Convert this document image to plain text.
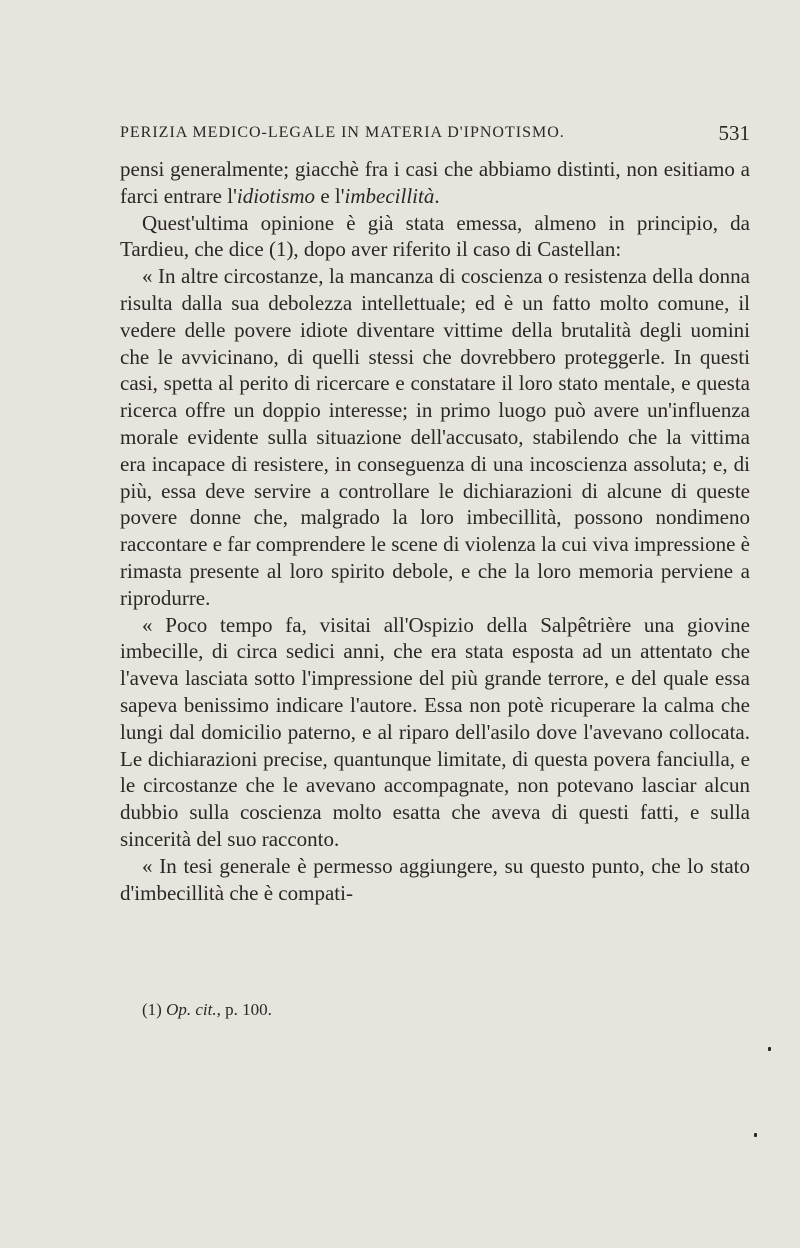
PERIZIA MEDICO-LEGALE IN MATERIA D'IPNOTISMO.	531

pensi generalmente; giacchè fra i casi che abbiamo distinti, non esitiamo a farci entrare l'idiotismo e l'imbecillità.

Quest'ultima opinione è già stata emessa, almeno in principio, da Tardieu, che dice (1), dopo aver riferito il caso di Castellan:

« In altre circostanze, la mancanza di coscienza o resistenza della donna risulta dalla sua debolezza intellettuale; ed è un fatto molto comune, il vedere delle povere idiote diventare vittime della brutalità degli uomini che le avvicinano, di quelli stessi che dovrebbero proteggerle. In questi casi, spetta al perito di ricercare e constatare il loro stato mentale, e questa ricerca offre un doppio interesse; in primo luogo può avere un'influenza morale evidente sulla situazione dell'accusato, stabilendo che la vittima era incapace di resistere, in conseguenza di una incoscienza assoluta; e, di più, essa deve servire a controllare le dichiarazioni di alcune di queste povere donne che, malgrado la loro imbecillità, possono nondimeno raccontare e far comprendere le scene di violenza la cui viva impressione è rimasta presente al loro spirito debole, e che la loro memoria perviene a riprodurre.

« Poco tempo fa, visitai all'Ospizio della Salpêtrière una giovine imbecille, di circa sedici anni, che era stata esposta ad un attentato che l'aveva lasciata sotto l'impressione del più grande terrore, e del quale essa sapeva benissimo indicare l'autore. Essa non potè ricuperare la calma che lungi dal domicilio paterno, e al riparo dell'asilo dove l'avevano collocata. Le dichiarazioni precise, quantunque limitate, di questa povera fanciulla, e le circostanze che le avevano accompagnate, non potevano lasciar alcun dubbio sulla coscienza molto esatta che aveva di questi fatti, e sulla sincerità del suo racconto.

« In tesi generale è permesso aggiungere, su questo punto, che lo stato d'imbecillità che è compati-

(1) Op. cit., p. 100.
